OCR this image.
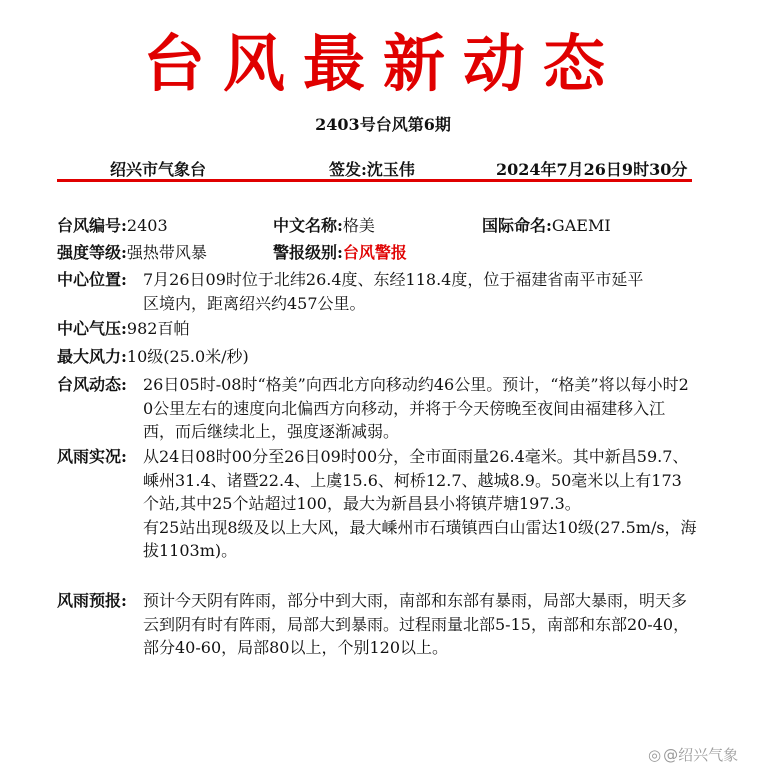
台风最新动态
2403号台风第6期
绍兴市气象台	签发:沈玉伟	2024年7月26日9时30分
台风编号:2403	中文名称:格美	国际命名:GAEMI
强度等级:强热带风暴	警报级别:台风警报
中心位置: 7月26日09时位于北纬26.4度、东经118.4度，位于福建省南平市延平
区境内，距离绍兴约457公里。
中心气压:982百帕
最大风力:10级(25.0米/秒)
台风动态: 26日05时-08时“格美”向西北方向移动约46公里。预计，“格美”将以每小时20公里左右的速度向北偏西方向移动，并将于今天傍晚至夜间由福建移入江西，而后继续北上，强度逐渐减弱。
风雨实况: 从24日08时00分至26日09时00分，全市面雨量26.4毫米。其中新昌59.7、嵊州31.4、诸暨22.4、上虞15.6、柯桥12.7、越城8.9。50毫米以上有173个站,其中25个站超过100，最大为新昌县小将镇芹塘197.3。
有25站出现8级及以上大风，最大嵊州市石璜镇西白山雷达10级(27.5m/s，海拔1103m)。
风雨预报: 预计今天阴有阵雨，部分中到大雨，南部和东部有暴雨，局部大暴雨，明天多云到阴有时有阵雨，局部大到暴雨。过程雨量北部5-15，南部和东部20-40，部分40-60，局部80以上，个别120以上。
◎ @绍兴气象
